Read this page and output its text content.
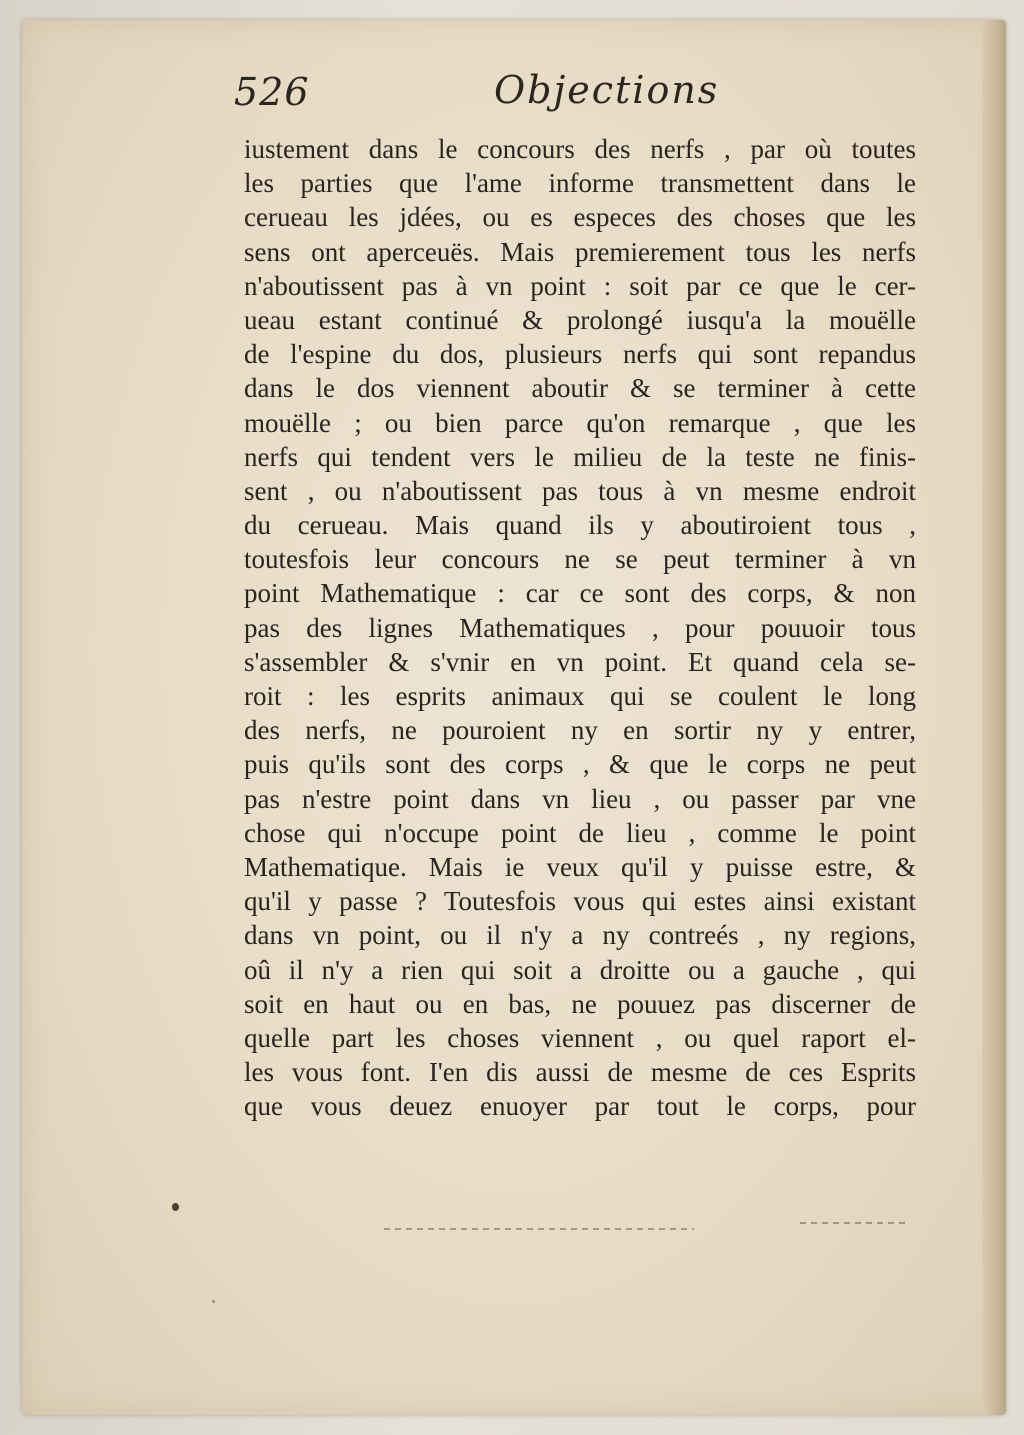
526	Objections
iustement dans le concours des nerfs , par où toutes
les parties que l'ame informe transmettent dans le
cerueau les jdées, ou es especes des choses que les
sens ont aperceuës. Mais premierement tous les nerfs
n'aboutissent pas à vn point : soit par ce que le cer-
ueau estant continué & prolongé iusqu'a la mouëlle
de l'espine du dos, plusieurs nerfs qui sont repandus
dans le dos viennent aboutir & se terminer à cette
mouëlle ; ou bien parce qu'on remarque , que les
nerfs qui tendent vers le milieu de la teste ne finis-
sent , ou n'aboutissent pas tous à vn mesme endroit
du cerueau. Mais quand ils y aboutiroient tous ,
toutesfois leur concours ne se peut terminer à vn
point Mathematique : car ce sont des corps, & non
pas des lignes Mathematiques , pour pouuoir tous
s'assembler & s'vnir en vn point. Et quand cela se-
roit : les esprits animaux qui se coulent le long
des nerfs, ne pouroient ny en sortir ny y entrer,
puis qu'ils sont des corps , & que le corps ne peut
pas n'estre point dans vn lieu , ou passer par vne
chose qui n'occupe point de lieu , comme le point
Mathematique. Mais ie veux qu'il y puisse estre, &
qu'il y passe ? Toutesfois vous qui estes ainsi existant
dans vn point, ou il n'y a ny contreés , ny regions,
oû il n'y a rien qui soit a droitte ou a gauche , qui
soit en haut ou en bas, ne pouuez pas discerner de
quelle part les choses viennent , ou quel raport el-
les vous font. I'en dis aussi de mesme de ces Esprits
que vous deuez enuoyer par tout le corps, pour
